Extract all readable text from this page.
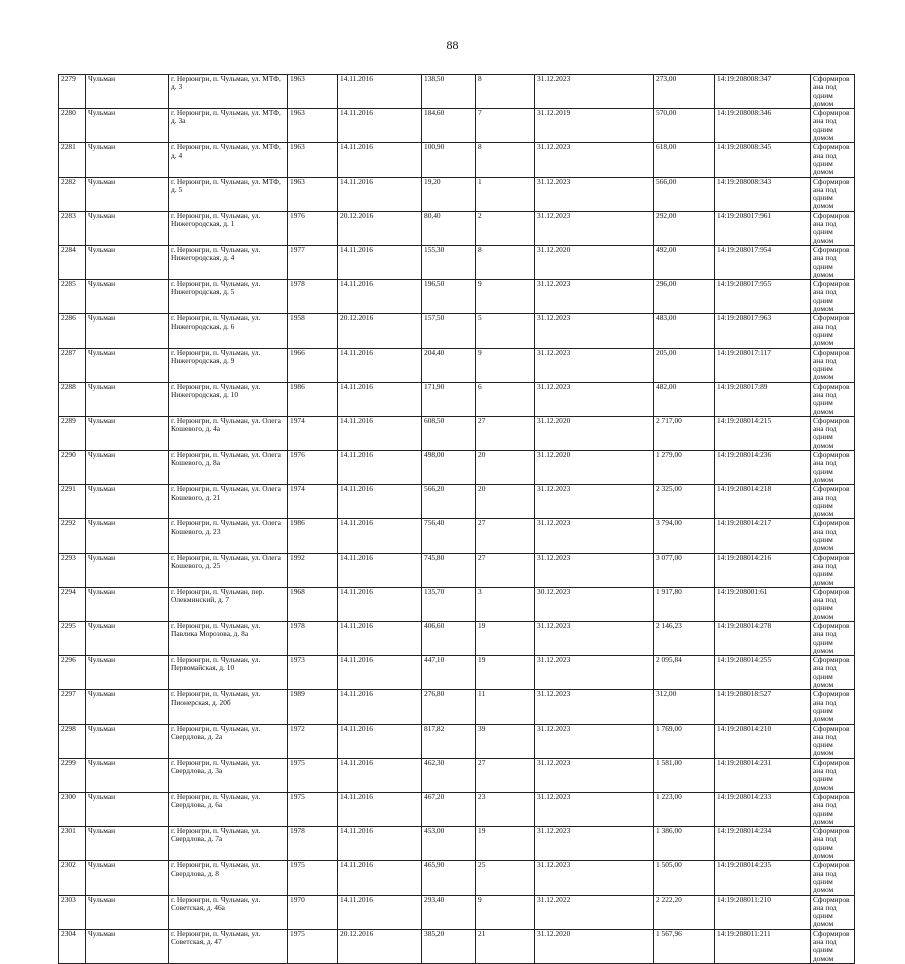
88
2279	Чульман	г. Нерюнгри, п. Чульман, ул. МТФ, д. 3	1963	14.11.2016	138,50	8	31.12.2023	273,00	14:19:208008:347	Сформирована под одним домом
2280	Чульман	г. Нерюнгри, п. Чульман, ул. МТФ, д. 3а	1963	14.11.2016	184,60	7	31.12.2019	570,00	14:19:208008:346	Сформирована под одним домом
2281	Чульман	г. Нерюнгри, п. Чульман, ул. МТФ, д. 4	1963	14.11.2016	100,90	8	31.12.2023	618,00	14:19:208008:345	Сформирована под одним домом
2282	Чульман	г. Нерюнгри, п. Чульман, ул. МТФ, д. 5	1963	14.11.2016	19,20	1	31.12.2023	566,00	14:19:208008:343	Сформирована под одним домом
2283	Чульман	г. Нерюнгри, п. Чульман, ул. Нижегородская, д. 1	1976	20.12.2016	80,40	2	31.12.2023	292,00	14:19:208017:961	Сформирована под одним домом
2284	Чульман	г. Нерюнгри, п. Чульман, ул. Нижегородская, д. 4	1977	14.11.2016	155,30	8	31.12.2020	492,00	14:19:208017:954	Сформирована под одним домом
2285	Чульман	г. Нерюнгри, п. Чульман, ул. Нижегородская, д. 5	1978	14.11.2016	196,50	9	31.12.2023	296,00	14:19:208017:955	Сформирована под одним домом
2286	Чульман	г. Нерюнгри, п. Чульман, ул. Нижегородская, д. 6	1958	20.12.2016	157,50	5	31.12.2023	483,00	14:19:208017:963	Сформирована под одним домом
2287	Чульман	г. Нерюнгри, п. Чульман, ул. Нижегородская, д. 9	1966	14.11.2016	204,40	9	31.12.2023	205,00	14:19:208017:117	Сформирована под одним домом
2288	Чульман	г. Нерюнгри, п. Чульман, ул. Нижегородская, д. 10	1986	14.11.2016	171,90	6	31.12.2023	482,00	14:19:208017:89	Сформирована под одним домом
2289	Чульман	г. Нерюнгри, п. Чульман, ул. Олега Кошевого, д. 4а	1974	14.11.2016	608,50	27	31.12.2020	2 717,00	14:19:208014:215	Сформирована под одним домом
2290	Чульман	г. Нерюнгри, п. Чульман, ул. Олега Кошевого, д. 8а	1976	14.11.2016	498,00	20	31.12.2020	1 279,00	14:19:208014:236	Сформирована под одним домом
2291	Чульман	г. Нерюнгри, п. Чульман, ул. Олега Кошевого, д. 21	1974	14.11.2016	566,20	20	31.12.2023	2 325,00	14:19:208014:218	Сформирована под одним домом
2292	Чульман	г. Нерюнгри, п. Чульман, ул. Олега Кошевого, д. 23	1986	14.11.2016	756,40	27	31.12.2023	3 794,00	14:19:208014:217	Сформирована под одним домом
2293	Чульман	г. Нерюнгри, п. Чульман, ул. Олега Кошевого, д. 25	1992	14.11.2016	745,80	27	31.12.2023	3 077,00	14:19:208014:216	Сформирована под одним домом
2294	Чульман	г. Нерюнгри, п. Чульман, пер. Олекминский, д. 7	1968	14.11.2016	135,70	3	30.12.2023	1 917,80	14:19:208001:61	Сформирована под одним домом
2295	Чульман	г. Нерюнгри, п. Чульман, ул. Павлика Морозова, д. 8а	1978	14.11.2016	406,60	19	31.12.2023	2 146,23	14:19:208014:278	Сформирована под одним домом
2296	Чульман	г. Нерюнгри, п. Чульман, ул. Первомайская, д. 10	1973	14.11.2016	447,10	19	31.12.2023	2 095,84	14:19:208014:255	Сформирована под одним домом
2297	Чульман	г. Нерюнгри, п. Чульман, ул. Пионерская, д. 20б	1989	14.11.2016	276,80	11	31.12.2023	312,00	14:19:208018:527	Сформирована под одним домом
2298	Чульман	г. Нерюнгри, п. Чульман, ул. Свердлова, д. 2а	1972	14.11.2016	817,82	39	31.12.2023	1 769,00	14:19:208014:210	Сформирована под одним домом
2299	Чульман	г. Нерюнгри, п. Чульман, ул. Свердлова, д. 3а	1975	14.11.2016	462,30	27	31.12.2023	1 581,00	14:19:208014:231	Сформирована под одним домом
2300	Чульман	г. Нерюнгри, п. Чульман, ул. Свердлова, д. 6а	1975	14.11.2016	467,20	23	31.12.2023	1 223,00	14:19:208014:233	Сформирована под одним домом
2301	Чульман	г. Нерюнгри, п. Чульман, ул. Свердлова, д. 7а	1978	14.11.2016	453,00	19	31.12.2023	1 386,00	14:19:208014:234	Сформирована под одним домом
2302	Чульман	г. Нерюнгри, п. Чульман, ул. Свердлова, д. 8	1975	14.11.2016	465,90	25	31.12.2023	1 505,00	14:19:208014:235	Сформирована под одним домом
2303	Чульман	г. Нерюнгри, п. Чульман, ул. Советская, д. 46а	1970	14.11.2016	293,40	9	31.12.2022	2 222,20	14:19:208011:210	Сформирована под одним домом
2304	Чульман	г. Нерюнгри, п. Чульман, ул. Советская, д. 47	1975	20.12.2016	385,20	21	31.12.2020	1 567,96	14:19:208011:211	Сформирована под одним домом
